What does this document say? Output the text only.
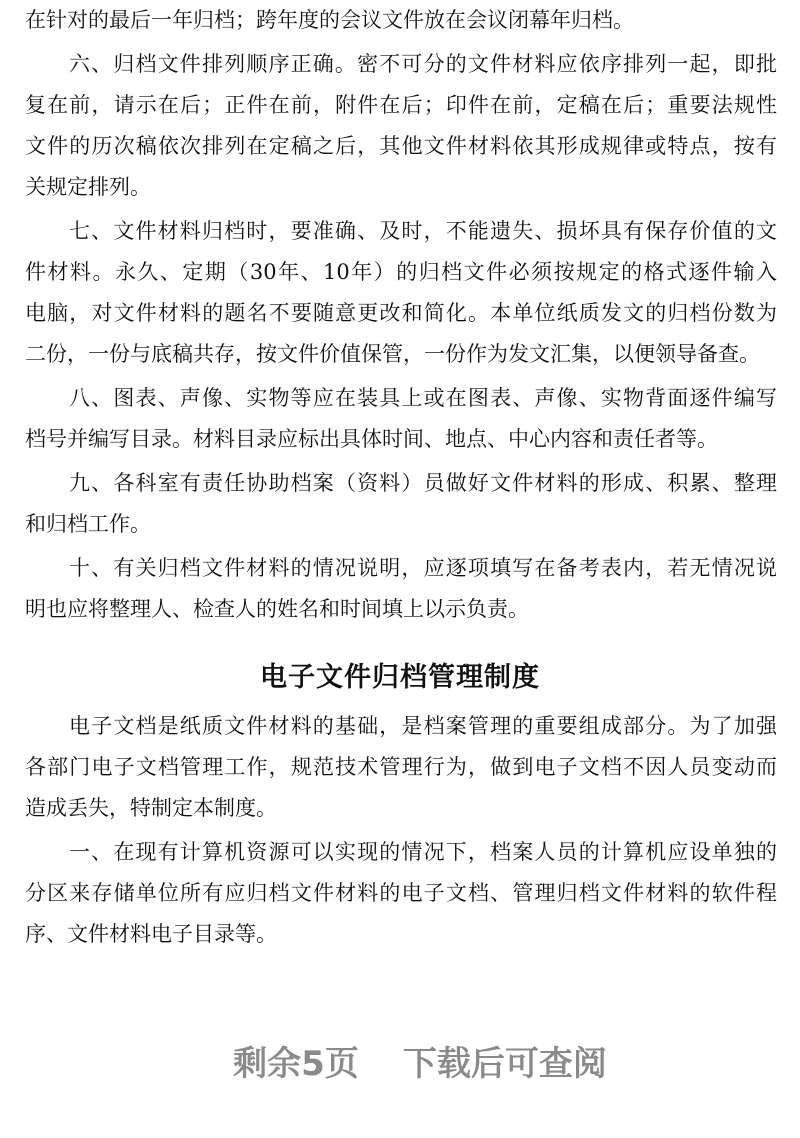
在针对的最后一年归档；跨年度的会议文件放在会议闭幕年归档。
六、归档文件排列顺序正确。密不可分的文件材料应依序排列一起，即批
复在前，请示在后；正件在前，附件在后；印件在前，定稿在后；重要法规性
文件的历次稿依次排列在定稿之后，其他文件材料依其形成规律或特点，按有
关规定排列。
七、文件材料归档时，要准确、及时，不能遗失、损坏具有保存价值的文
件材料。永久、定期（30年、10年）的归档文件必须按规定的格式逐件输入
电脑，对文件材料的题名不要随意更改和简化。本单位纸质发文的归档份数为
二份，一份与底稿共存，按文件价值保管，一份作为发文汇集，以便领导备查。
八、图表、声像、实物等应在装具上或在图表、声像、实物背面逐件编写
档号并编写目录。材料目录应标出具体时间、地点、中心内容和责任者等。
九、各科室有责任协助档案（资料）员做好文件材料的形成、积累、整理
和归档工作。
十、有关归档文件材料的情况说明，应逐项填写在备考表内，若无情况说
明也应将整理人、检查人的姓名和时间填上以示负责。
电子文件归档管理制度
电子文档是纸质文件材料的基础，是档案管理的重要组成部分。为了加强
各部门电子文档管理工作，规范技术管理行为，做到电子文档不因人员变动而
造成丢失，特制定本制度。
一、在现有计算机资源可以实现的情况下，档案人员的计算机应设单独的
分区来存储单位所有应归档文件材料的电子文档、管理归档文件材料的软件程
序、文件材料电子目录等。
剩余5页 下载后可查阅
